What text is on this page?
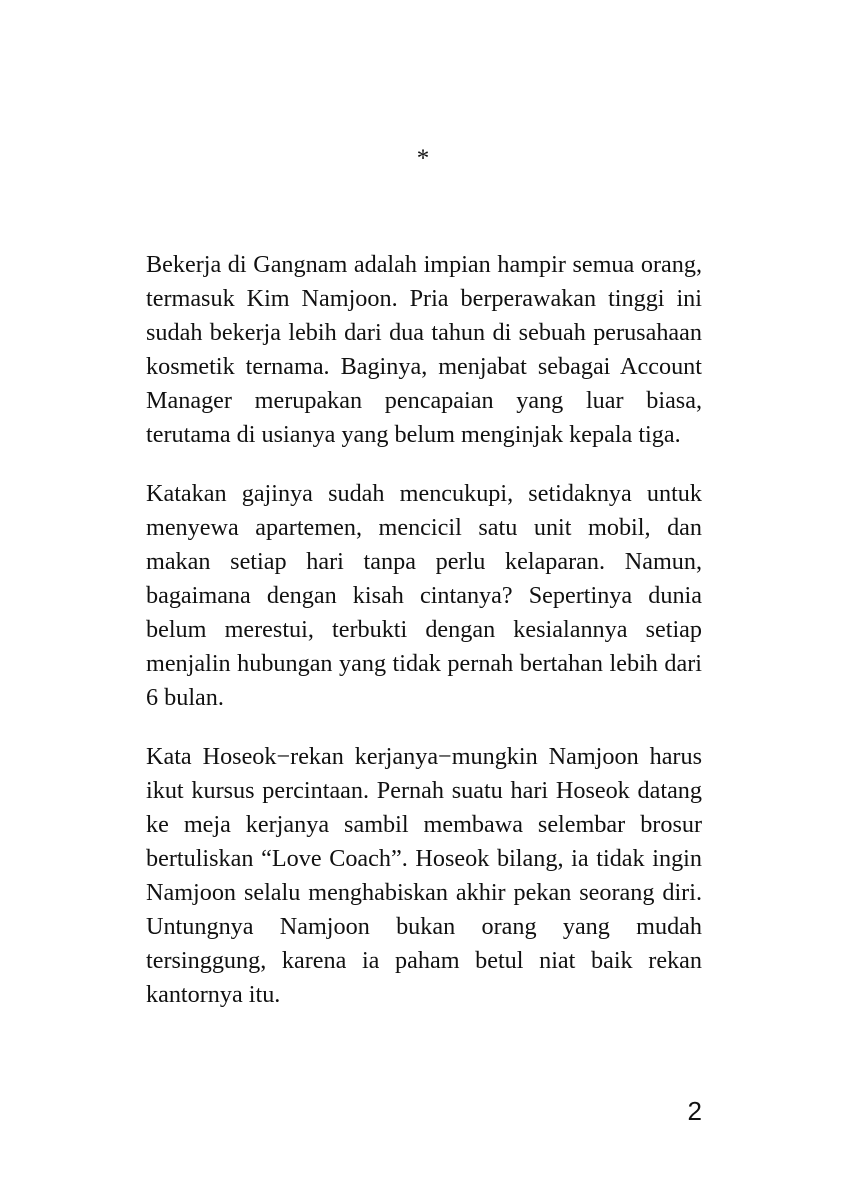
*

Bekerja di Gangnam adalah impian hampir semua orang, termasuk Kim Namjoon. Pria berperawakan tinggi ini sudah bekerja lebih dari dua tahun di sebuah perusahaan kosmetik ternama. Baginya, menjabat sebagai Account Manager merupakan pencapaian yang luar biasa, terutama di usianya yang belum menginjak kepala tiga.

Katakan gajinya sudah mencukupi, setidaknya untuk menyewa apartemen, mencicil satu unit mobil, dan makan setiap hari tanpa perlu kelaparan. Namun, bagaimana dengan kisah cintanya? Sepertinya dunia belum merestui, terbukti dengan kesialannya setiap menjalin hubungan yang tidak pernah bertahan lebih dari 6 bulan.

Kata Hoseok−rekan kerjanya−mungkin Namjoon harus ikut kursus percintaan. Pernah suatu hari Hoseok datang ke meja kerjanya sambil membawa selembar brosur bertuliskan “Love Coach”. Hoseok bilang, ia tidak ingin Namjoon selalu menghabiskan akhir pekan seorang diri. Untungnya Namjoon bukan orang yang mudah tersinggung, karena ia paham betul niat baik rekan kantornya itu.

2
